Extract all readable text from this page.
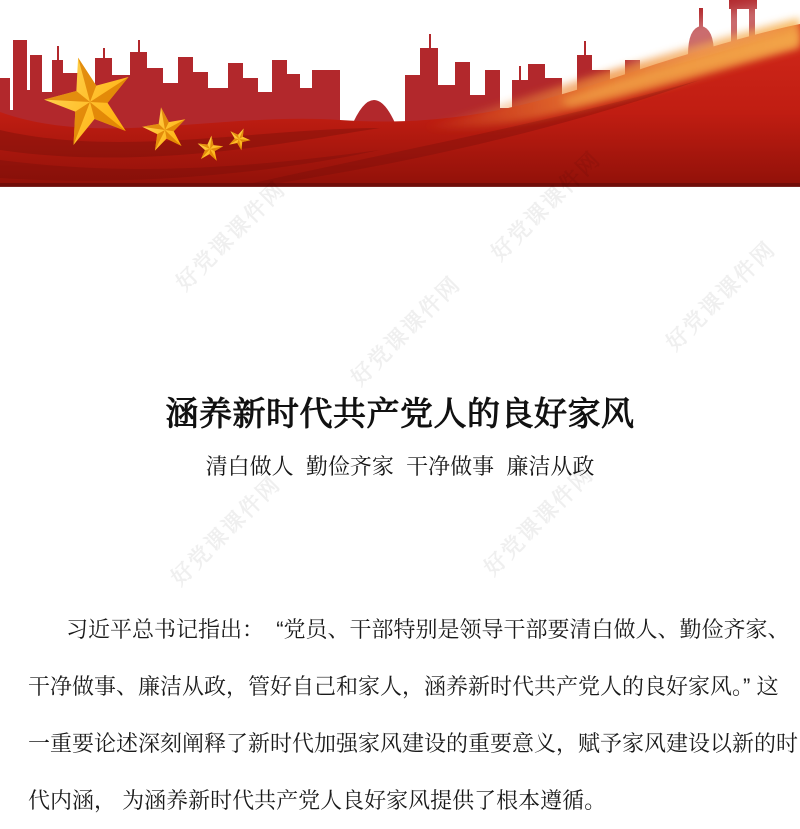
好党课课件网	好党课课件网
好党课课件网	好党课课件网
好党课课件网	好党课课件网
涵养新时代共产党人的良好家风
清白做人  勤俭齐家  干净做事  廉洁从政
习近平总书记指出：  “党员、干部特别是领导干部要清白做人、勤俭齐家、
干净做事、廉洁从政，管好自己和家人，涵养新时代共产党人的良好家风。” 这
一重要论述深刻阐释了新时代加强家风建设的重要意义，赋予家风建设以新的时
代内涵， 为涵养新时代共产党人良好家风提供了根本遵循。
